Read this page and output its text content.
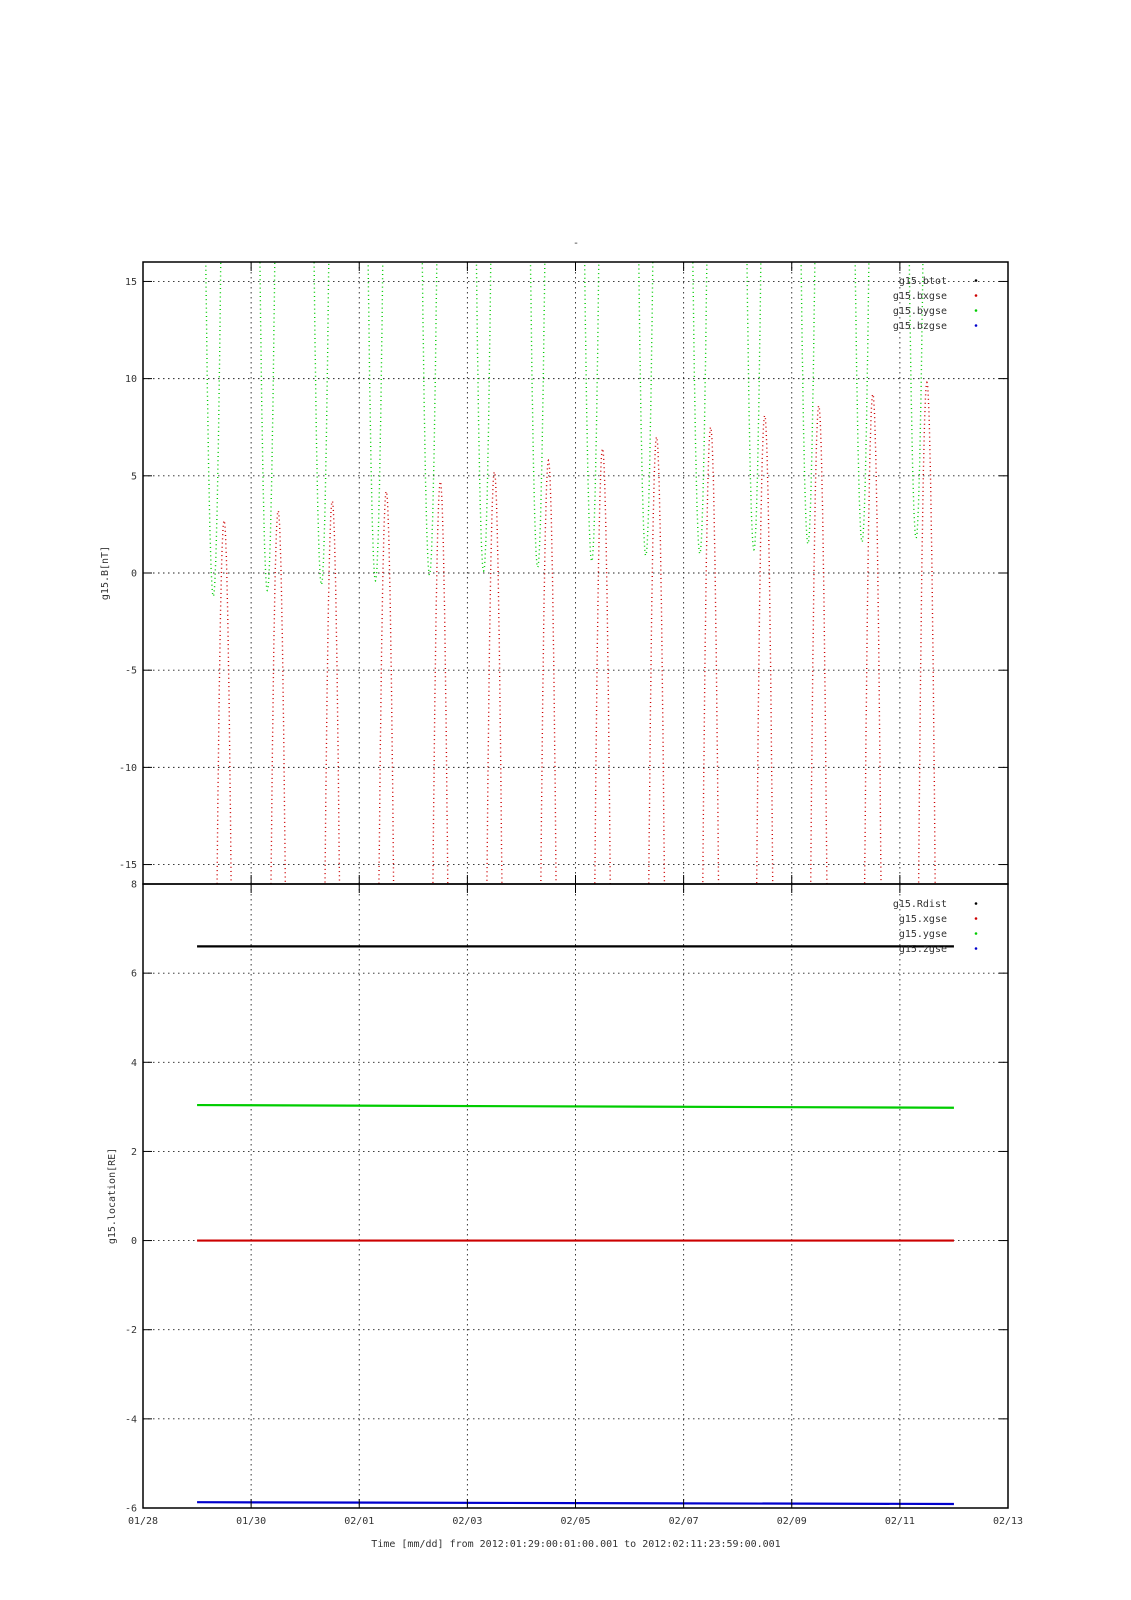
-
15
10
5
0
-5
-10
-15
g15.B[nT]
g15.btot
g15.bxgse
g15.bygse
g15.bzgse
8
6
4
2
0
-2
-4
-6
g15.location[RE]
g15.Rdist
g15.xgse
g15.ygse
g15.zgse
01/28	01/30	02/01	02/03	02/05	02/07	02/09	02/11	02/13
Time [mm/dd] from 2012:01:29:00:01:00.001 to 2012:02:11:23:59:00.001
